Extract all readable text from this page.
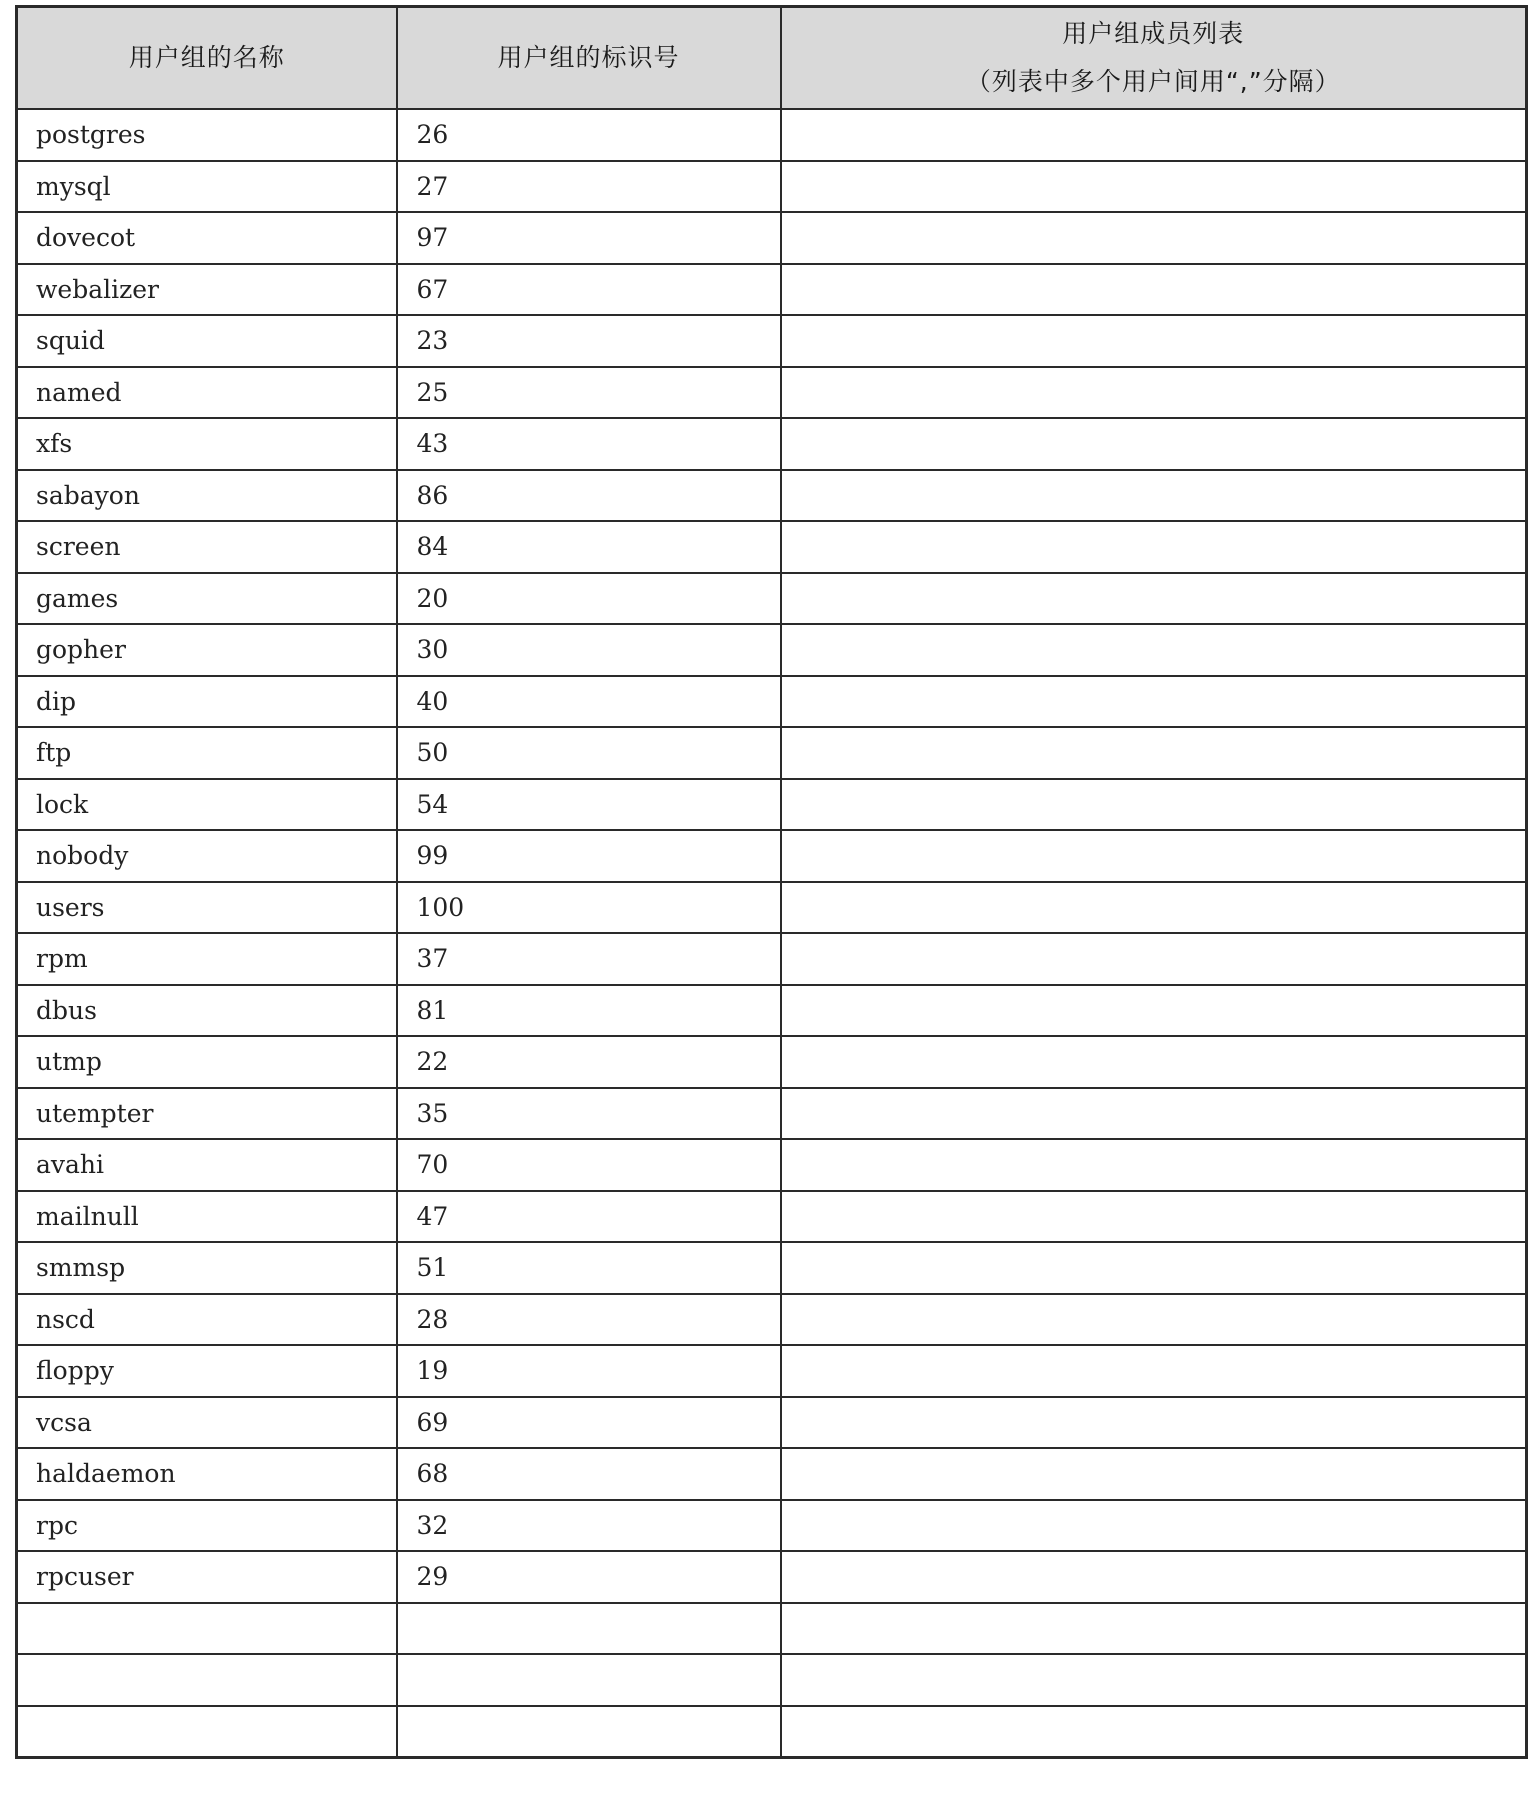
用户组的名称	用户组的标识号	用户组成员列表
（列表中多个用户间用“,”分隔）

postgres	26	
mysql	27	
dovecot	97	
webalizer	67	
squid	23	
named	25	
xfs	43	
sabayon	86	
screen	84	
games	20	
gopher	30	
dip	40	
ftp	50	
lock	54	
nobody	99	
users	100	
rpm	37	
dbus	81	
utmp	22	
utempter	35	
avahi	70	
mailnull	47	
smmsp	51	
nscd	28	
floppy	19	
vcsa	69	
haldaemon	68	
rpc	32	
rpcuser	29	
